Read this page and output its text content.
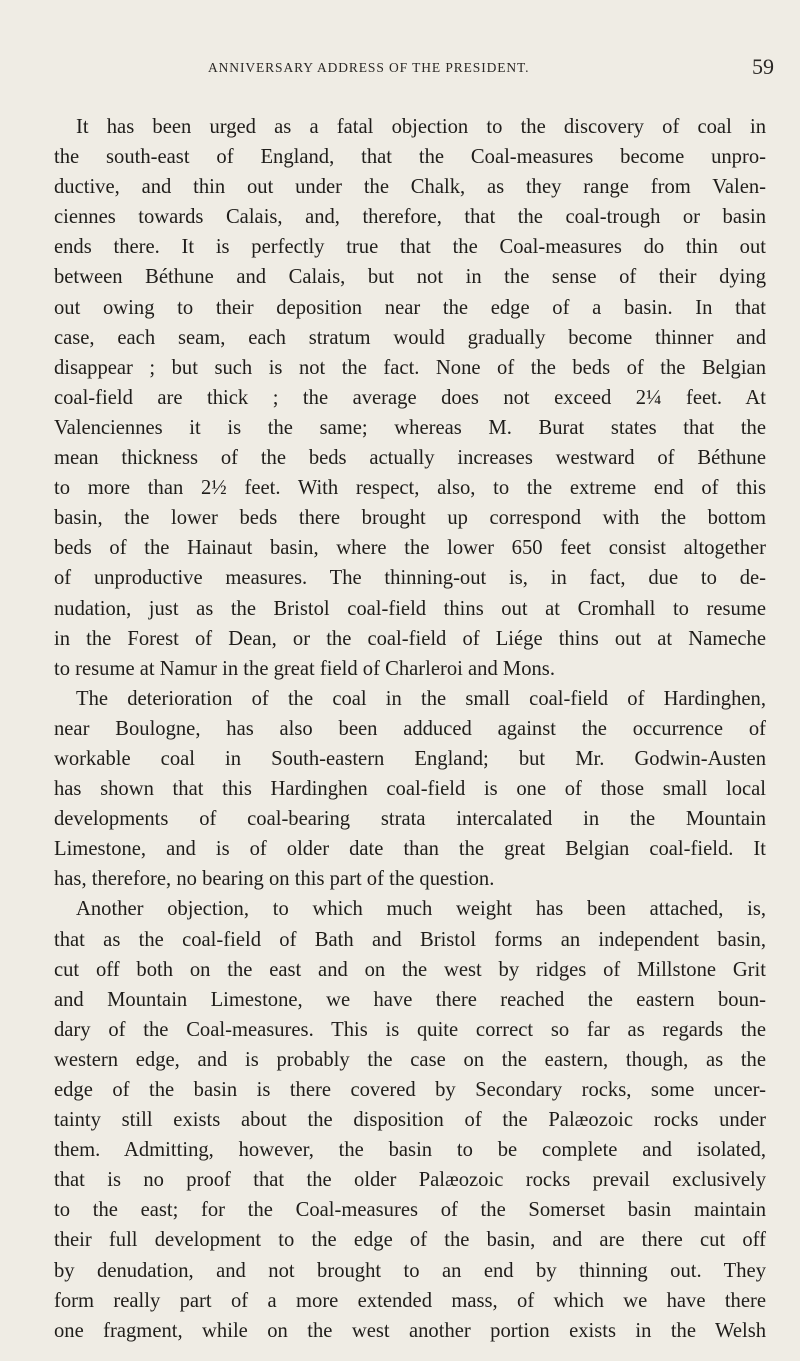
ANNIVERSARY ADDRESS OF THE PRESIDENT.	59
It has been urged as a fatal objection to the discovery of coal in
the south-east of England, that the Coal-measures become unpro-
ductive, and thin out under the Chalk, as they range from Valen-
ciennes towards Calais, and, therefore, that the coal-trough or basin
ends there. It is perfectly true that the Coal-measures do thin out
between Béthune and Calais, but not in the sense of their dying
out owing to their deposition near the edge of a basin. In that
case, each seam, each stratum would gradually become thinner and
disappear ; but such is not the fact. None of the beds of the Belgian
coal-field are thick ; the average does not exceed 2¼ feet. At
Valenciennes it is the same; whereas M. Burat states that the
mean thickness of the beds actually increases westward of Béthune
to more than 2½ feet. With respect, also, to the extreme end of this
basin, the lower beds there brought up correspond with the bottom
beds of the Hainaut basin, where the lower 650 feet consist altogether
of unproductive measures. The thinning-out is, in fact, due to de-
nudation, just as the Bristol coal-field thins out at Cromhall to resume
in the Forest of Dean, or the coal-field of Liége thins out at Nameche
to resume at Namur in the great field of Charleroi and Mons.
The deterioration of the coal in the small coal-field of Hardinghen,
near Boulogne, has also been adduced against the occurrence of
workable coal in South-eastern England; but Mr. Godwin-Austen
has shown that this Hardinghen coal-field is one of those small local
developments of coal-bearing strata intercalated in the Mountain
Limestone, and is of older date than the great Belgian coal-field. It
has, therefore, no bearing on this part of the question.
Another objection, to which much weight has been attached, is,
that as the coal-field of Bath and Bristol forms an independent basin,
cut off both on the east and on the west by ridges of Millstone Grit
and Mountain Limestone, we have there reached the eastern boun-
dary of the Coal-measures. This is quite correct so far as regards the
western edge, and is probably the case on the eastern, though, as the
edge of the basin is there covered by Secondary rocks, some uncer-
tainty still exists about the disposition of the Palæozoic rocks under
them. Admitting, however, the basin to be complete and isolated,
that is no proof that the older Palæozoic rocks prevail exclusively
to the east; for the Coal-measures of the Somerset basin maintain
their full development to the edge of the basin, and are there cut off
by denudation, and not brought to an end by thinning out. They
form really part of a more extended mass, of which we have there
one fragment, while on the west another portion exists in the Welsh
